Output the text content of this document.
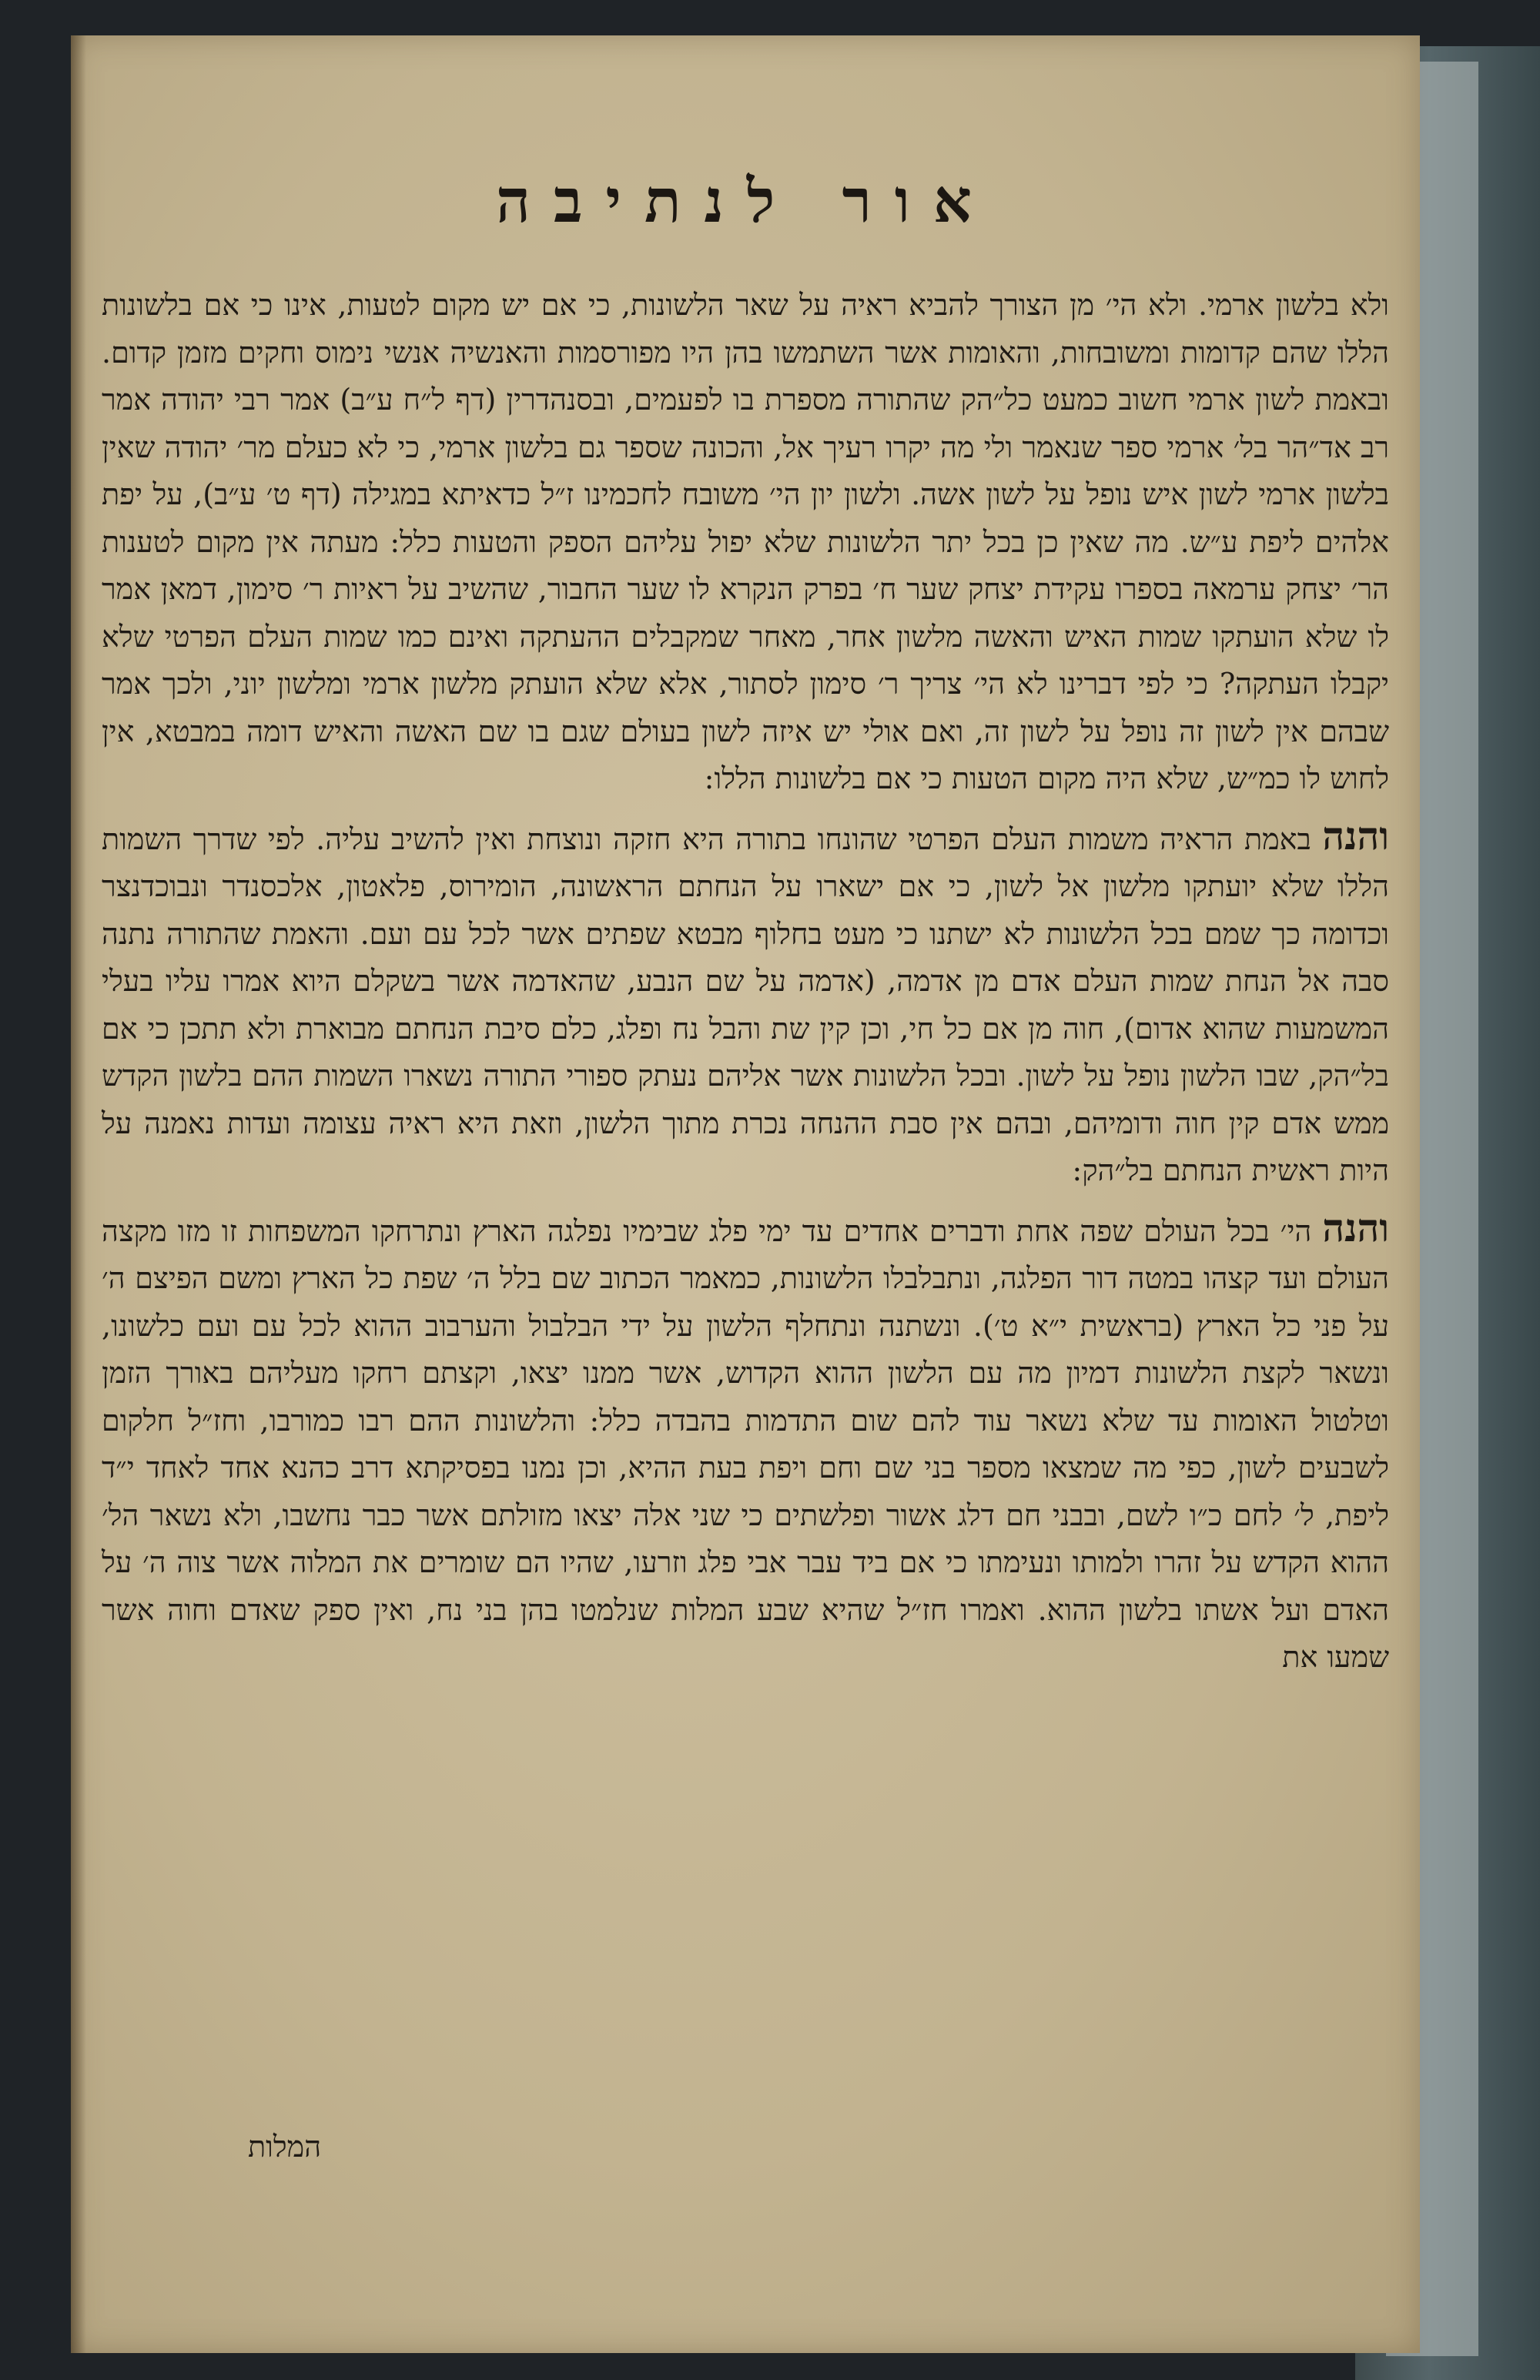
אור לנתיבה

ולא בלשון ארמי. ולא הי׳ מן הצורך להביא ראיה על שאר הלשונות, כי אם יש מקום לטעות, אינו כי אם בלשונות הללו שהם קדומות ומשובחות, והאומות אשר השתמשו בהן היו מפורסמות והאנשיה אנשי נימוס וחקים מזמן קדום. ובאמת לשון ארמי חשוב כמעט כל״הק שהתורה מספרת בו לפעמים, ובסנהדרין (דף ל״ח ע״ב) אמר רבי יהודה אמר רב אד״הר בל׳ ארמי ספר שנאמר ולי מה יקרו רעיך אל, והכונה שספר גם בלשון ארמי, כי לא כעלם מר׳ יהודה שאין בלשון ארמי לשון איש נופל על לשון אשה. ולשון יון הי׳ משובח לחכמינו ז״ל כדאיתא במגילה (דף ט׳ ע״ב), על יפת אלהים ליפת ע״ש. מה שאין כן בכל יתר הלשונות שלא יפול עליהם הספק והטעות כלל: מעתה אין מקום לטענות הר׳ יצחק ערמאה בספרו עקידת יצחק שער ח׳ בפרק הנקרא לו שער החבור, שהשיב על ראיות ר׳ סימון, דמאן אמר לו שלא הועתקו שמות האיש והאשה מלשון אחר, מאחר שמקבלים ההעתקה ואינם כמו שמות העלם הפרטי שלא יקבלו העתקה? כי לפי דברינו לא הי׳ צריך ר׳ סימון לסתור, אלא שלא הועתק מלשון ארמי ומלשון יוני, ולכך אמר שבהם אין לשון זה נופל על לשון זה, ואם אולי יש איזה לשון בעולם שגם בו שם האשה והאיש דומה במבטא, אין לחוש לו כמ״ש, שלא היה מקום הטעות כי אם בלשונות הללו:

והנה באמת הראיה משמות העלם הפרטי שהונחו בתורה היא חזקה ונוצחת ואין להשיב עליה. לפי שדרך השמות הללו שלא יועתקו מלשון אל לשון, כי אם ישארו על הנחתם הראשונה, הומירוס, פלאטון, אלכסנדר ונבוכדנצר וכדומה כך שמם בכל הלשונות לא ישתנו כי מעט בחלוף מבטא שפתים אשר לכל עם ועם. והאמת שהתורה נתנה סבה אל הנחת שמות העלם אדם מן אדמה, (אדמה על שם הנבע, שהאדמה אשר בשקלם היוא אמרו עליו בעלי המשמעות שהוא אדום), חוה מן אם כל חי, וכן קין שת והבל נח ופלג, כלם סיבת הנחתם מבוארת ולא תתכן כי אם בל״הק, שבו הלשון נופל על לשון. ובכל הלשונות אשר אליהם נעתק ספורי התורה נשארו השמות ההם בלשון הקדש ממש אדם קין חוה ודומיהם, ובהם אין סבת ההנחה נכרת מתוך הלשון, וזאת היא ראיה עצומה ועדות נאמנה על היות ראשית הנחתם בל״הק:

והנה הי׳ בכל העולם שפה אחת ודברים אחדים עד ימי פלג שבימיו נפלגה הארץ ונתרחקו המשפחות זו מזו מקצה העולם ועד קצהו במטה דור הפלגה, ונתבלבלו הלשונות, כמאמר הכתוב שם בלל ה׳ שפת כל הארץ ומשם הפיצם ה׳ על פני כל הארץ (בראשית י״א ט׳). ונשתנה ונתחלף הלשון על ידי הבלבול והערבוב ההוא לכל עם ועם כלשונו, ונשאר לקצת הלשונות דמיון מה עם הלשון ההוא הקדוש, אשר ממנו יצאו, וקצתם רחקו מעליהם באורך הזמן וטלטול האומות עד שלא נשאר עוד להם שום התדמות בהבדה כלל: והלשונות ההם רבו כמורבו, וחז״ל חלקום לשבעים לשון, כפי מה שמצאו מספר בני שם וחם ויפת בעת ההיא, וכן נמנו בפסיקתא דרב כהנא אחד לאחד י״ד ליפת, ל׳ לחם כ״ו לשם, ובבני חם דלג אשור ופלשתים כי שני אלה יצאו מזולתם אשר כבר נחשבו, ולא נשאר הל׳ ההוא הקדש על זהרו ולמותו ונעימתו כי אם ביד עבר אבי פלג וזרעו, שהיו הם שומרים את המלוה אשר צוה ה׳ על האדם ועל אשתו בלשון ההוא. ואמרו חז״ל שהיא שבע המלות שנלמטו בהן בני נח, ואין ספק שאדם וחוה אשר שמעו את

המלות
